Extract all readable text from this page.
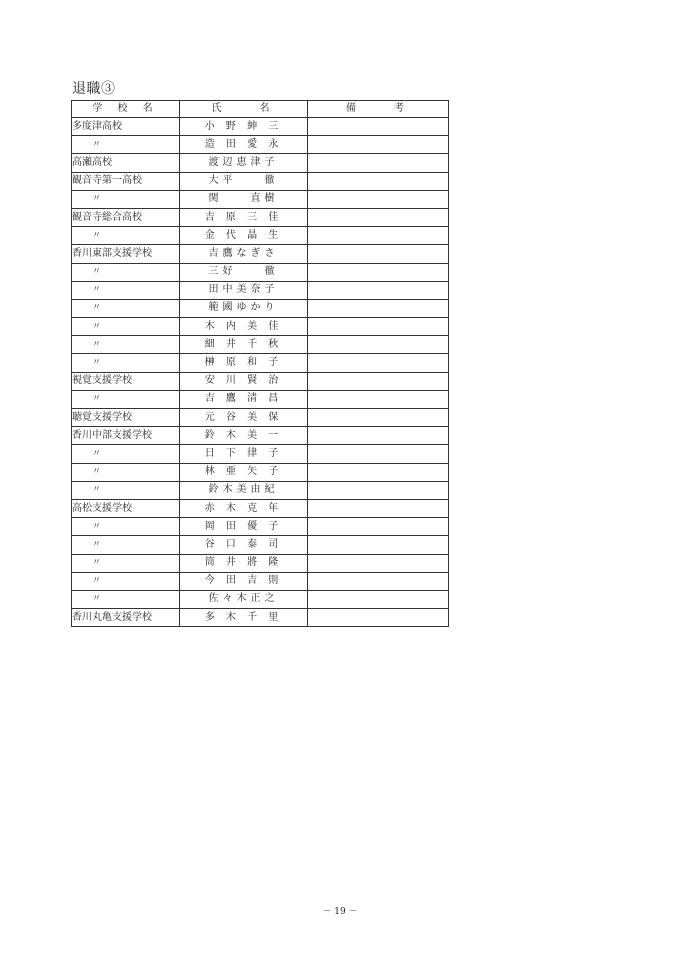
退職③
学 校 名	氏　　名	備　　考
多度津高校	小 野 紳 三	
〃	造 田 愛 永	
高瀬高校	渡辺恵津子	
観音寺第一高校	大平　　徹	
〃	関　　直樹	
観音寺総合高校	吉 原 三 佳	
〃	金 代 晶 生	
香川東部支援学校	吉鷹なぎさ	
〃	三好　　徹	
〃	田中美奈子	
〃	範國ゆかり	
〃	木 内 美 佳	
〃	細 井 千 秋	
〃	榊 原 和 子	
視覚支援学校	安 川 賢 治	
〃	吉 鷹 清 昌	
聴覚支援学校	元 谷 美 保	
香川中部支援学校	鈴 木 美 一	
〃	日 下 律 子	
〃	林 亜 矢 子	
〃	鈴木美由紀	
高松支援学校	赤 木 克 年	
〃	岡 田 優 子	
〃	谷 口 泰 司	
〃	筒 井 將 隆	
〃	今 田 吉 則	
〃	佐々木正之	
香川丸亀支援学校	多 木 千 里	
－ 19 －
